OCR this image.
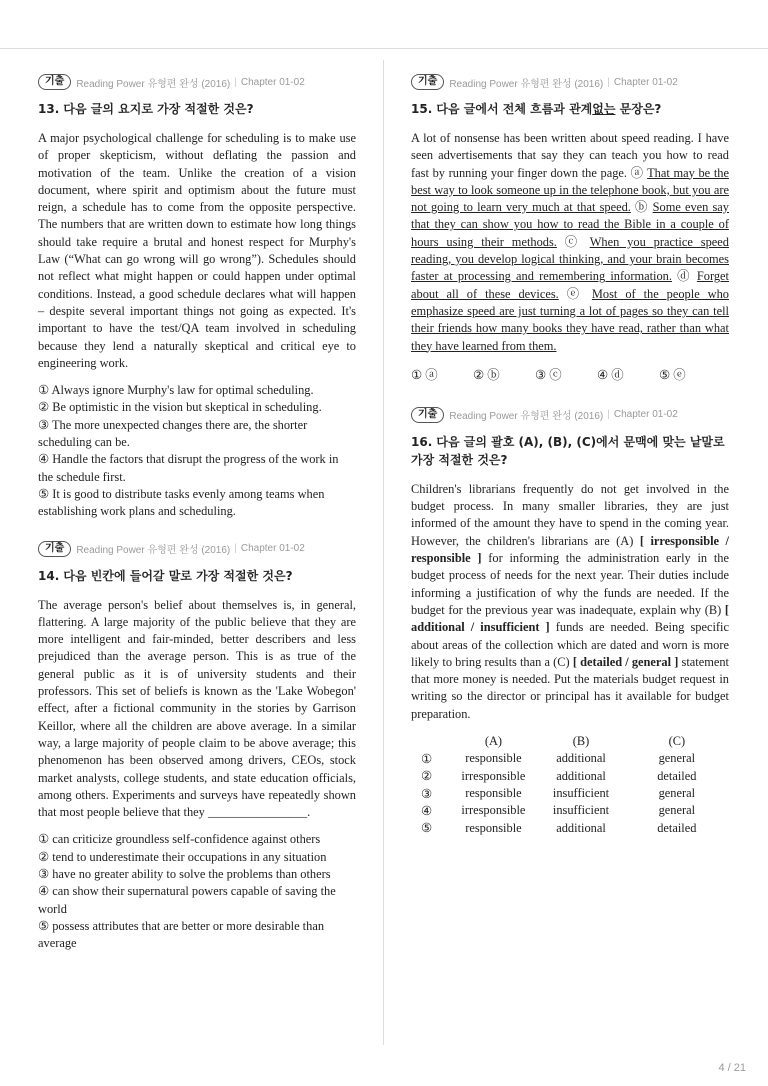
기출	Reading Power 유형편 완성 (2016) | Chapter 01-02
13. 다음 글의 요지로 가장 적절한 것은?

A major psychological challenge for scheduling is to make use of proper skepticism, without deflating the passion and motivation of the team. Unlike the creation of a vision document, where spirit and optimism about the future must reign, a schedule has to come from the opposite perspective. The numbers that are written down to estimate how long things should take require a brutal and honest respect for Murphy's Law (“What can go wrong will go wrong”). Schedules should not reflect what might happen or could happen under optimal conditions. Instead, a good schedule declares what will happen – despite several important things not going as expected. It's important to have the test/QA team involved in scheduling because they lend a naturally skeptical and critical eye to engineering work.

① Always ignore Murphy's law for optimal scheduling.

② Be optimistic in the vision but skeptical in scheduling.

③ The more unexpected changes there are, the shorter scheduling can be.

④ Handle the factors that disrupt the progress of the work in the schedule first.

⑤ It is good to distribute tasks evenly among teams when establishing work plans and scheduling.

기출	Reading Power 유형편 완성 (2016) | Chapter 01-02
14. 다음 빈칸에 들어갈 말로 가장 적절한 것은?

The average person's belief about themselves is, in general, flattering. A large majority of the public believe that they are more intelligent and fair-minded, better describers and less prejudiced than the average person. This is as true of the general public as it is of university students and their professors. This set of beliefs is known as the 'Lake Wobegon' effect, after a fictional community in the stories by Garrison Keillor, where all the children are above average. In a similar way, a large majority of people claim to be above average; this phenomenon has been observed among drivers, CEOs, stock market analysts, college students, and state education officials, among others. Experiments and surveys have repeatedly shown that most people believe that they ________________.

① can criticize groundless self-confidence against others

② tend to underestimate their occupations in any situation

③ have no greater ability to solve the problems than others

④ can show their supernatural powers capable of saving the world

⑤ possess attributes that are better or more desirable than average

기출	Reading Power 유형편 완성 (2016) | Chapter 01-02
15. 다음 글에서 전체 흐름과 관계없는 문장은?

A lot of nonsense has been written about speed reading. I have seen advertisements that say they can teach you how to read fast by running your finger down the page. ⓐ That may be the best way to look someone up in the telephone book, but you are not going to learn very much at that speed. ⓑ Some even say that they can show you how to read the Bible in a couple of hours using their methods. ⓒ When you practice speed reading, you develop logical thinking, and your brain becomes faster at processing and remembering information. ⓓ Forget about all of these devices. ⓔ Most of the people who emphasize speed are just turning a lot of pages so they can tell their friends how many books they have read, rather than what they have learned from them.

① ⓐ	② ⓑ	③ ⓒ	④ ⓓ	⑤ ⓔ
기출	Reading Power 유형편 완성 (2016) | Chapter 01-02
16. 다음 글의 괄호 (A), (B), (C)에서 문맥에 맞는 낱말로 가장 적절한 것은?

Children's librarians frequently do not get involved in the budget process. In many smaller libraries, they are just informed of the amount they have to spend in the coming year. However, the children's librarians are (A) [ irresponsible / responsible ] for informing the administration early in the budget process of needs for the next year. Their duties include informing a justification of why the funds are needed. If the budget for the previous year was inadequate, explain why (B) [ additional / insufficient ] funds are needed. Being specific about areas of the collection which are dated and worn is more likely to bring results than a (C) [ detailed / general ] statement that more money is needed. Put the materials budget request in writing so the director or principal has it available for budget preparation.

	(A)	(B)	(C)
①	responsible	additional	general
②	irresponsible	additional	detailed
③	responsible	insufficient	general
④	irresponsible	insufficient	general
⑤	responsible	additional	detailed
4 / 21
